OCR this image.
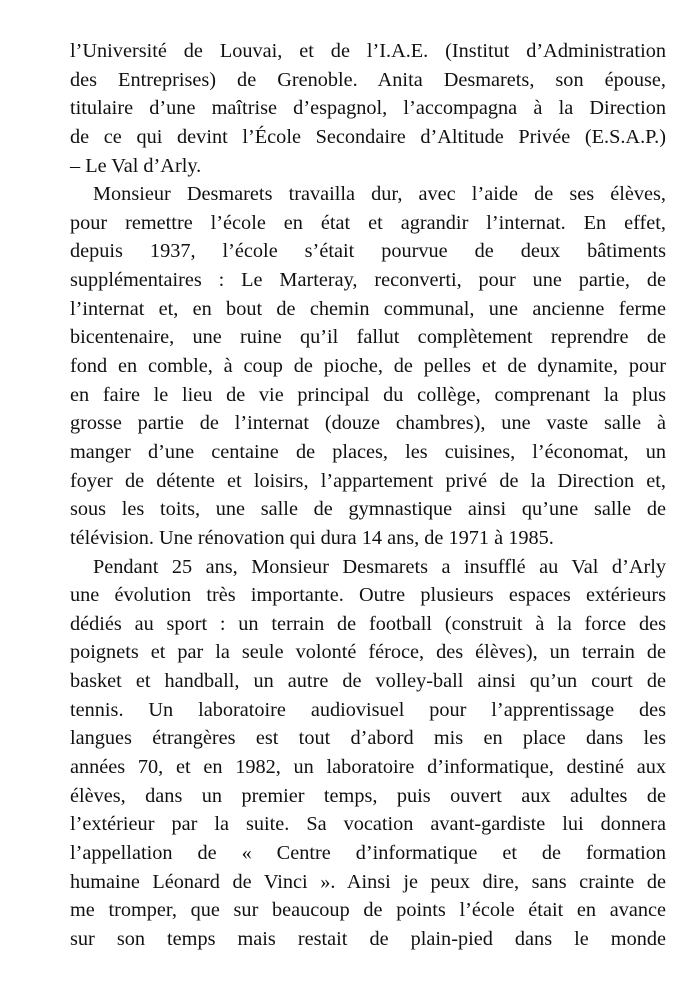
l’Université de Louvai, et de l’I.A.E. (Institut d’Administration
des Entreprises) de Grenoble. Anita Desmarets, son épouse,
titulaire d’une maîtrise d’espagnol, l’accompagna à la Direction
de ce qui devint l’École Secondaire d’Altitude Privée (E.S.A.P.)
– Le Val d’Arly.
Monsieur Desmarets travailla dur, avec l’aide de ses élèves,
pour remettre l’école en état et agrandir l’internat. En effet,
depuis 1937, l’école s’était pourvue de deux bâtiments
supplémentaires : Le Marteray, reconverti, pour une partie, de
l’internat et, en bout de chemin communal, une ancienne ferme
bicentenaire, une ruine qu’il fallut complètement reprendre de
fond en comble, à coup de pioche, de pelles et de dynamite, pour
en faire le lieu de vie principal du collège, comprenant la plus
grosse partie de l’internat (douze chambres), une vaste salle à
manger d’une centaine de places, les cuisines, l’économat, un
foyer de détente et loisirs, l’appartement privé de la Direction et,
sous les toits, une salle de gymnastique ainsi qu’une salle de
télévision. Une rénovation qui dura 14 ans, de 1971 à 1985.
Pendant 25 ans, Monsieur Desmarets a insufflé au Val d’Arly
une évolution très importante. Outre plusieurs espaces extérieurs
dédiés au sport : un terrain de football (construit à la force des
poignets et par la seule volonté féroce, des élèves), un terrain de
basket et handball, un autre de volley-ball ainsi qu’un court de
tennis. Un laboratoire audiovisuel pour l’apprentissage des
langues étrangères est tout d’abord mis en place dans les
années 70, et en 1982, un laboratoire d’informatique, destiné aux
élèves, dans un premier temps, puis ouvert aux adultes de
l’extérieur par la suite. Sa vocation avant-gardiste lui donnera
l’appellation de « Centre d’informatique et de formation
humaine Léonard de Vinci ». Ainsi je peux dire, sans crainte de
me tromper, que sur beaucoup de points l’école était en avance
sur son temps mais restait de plain-pied dans le monde
